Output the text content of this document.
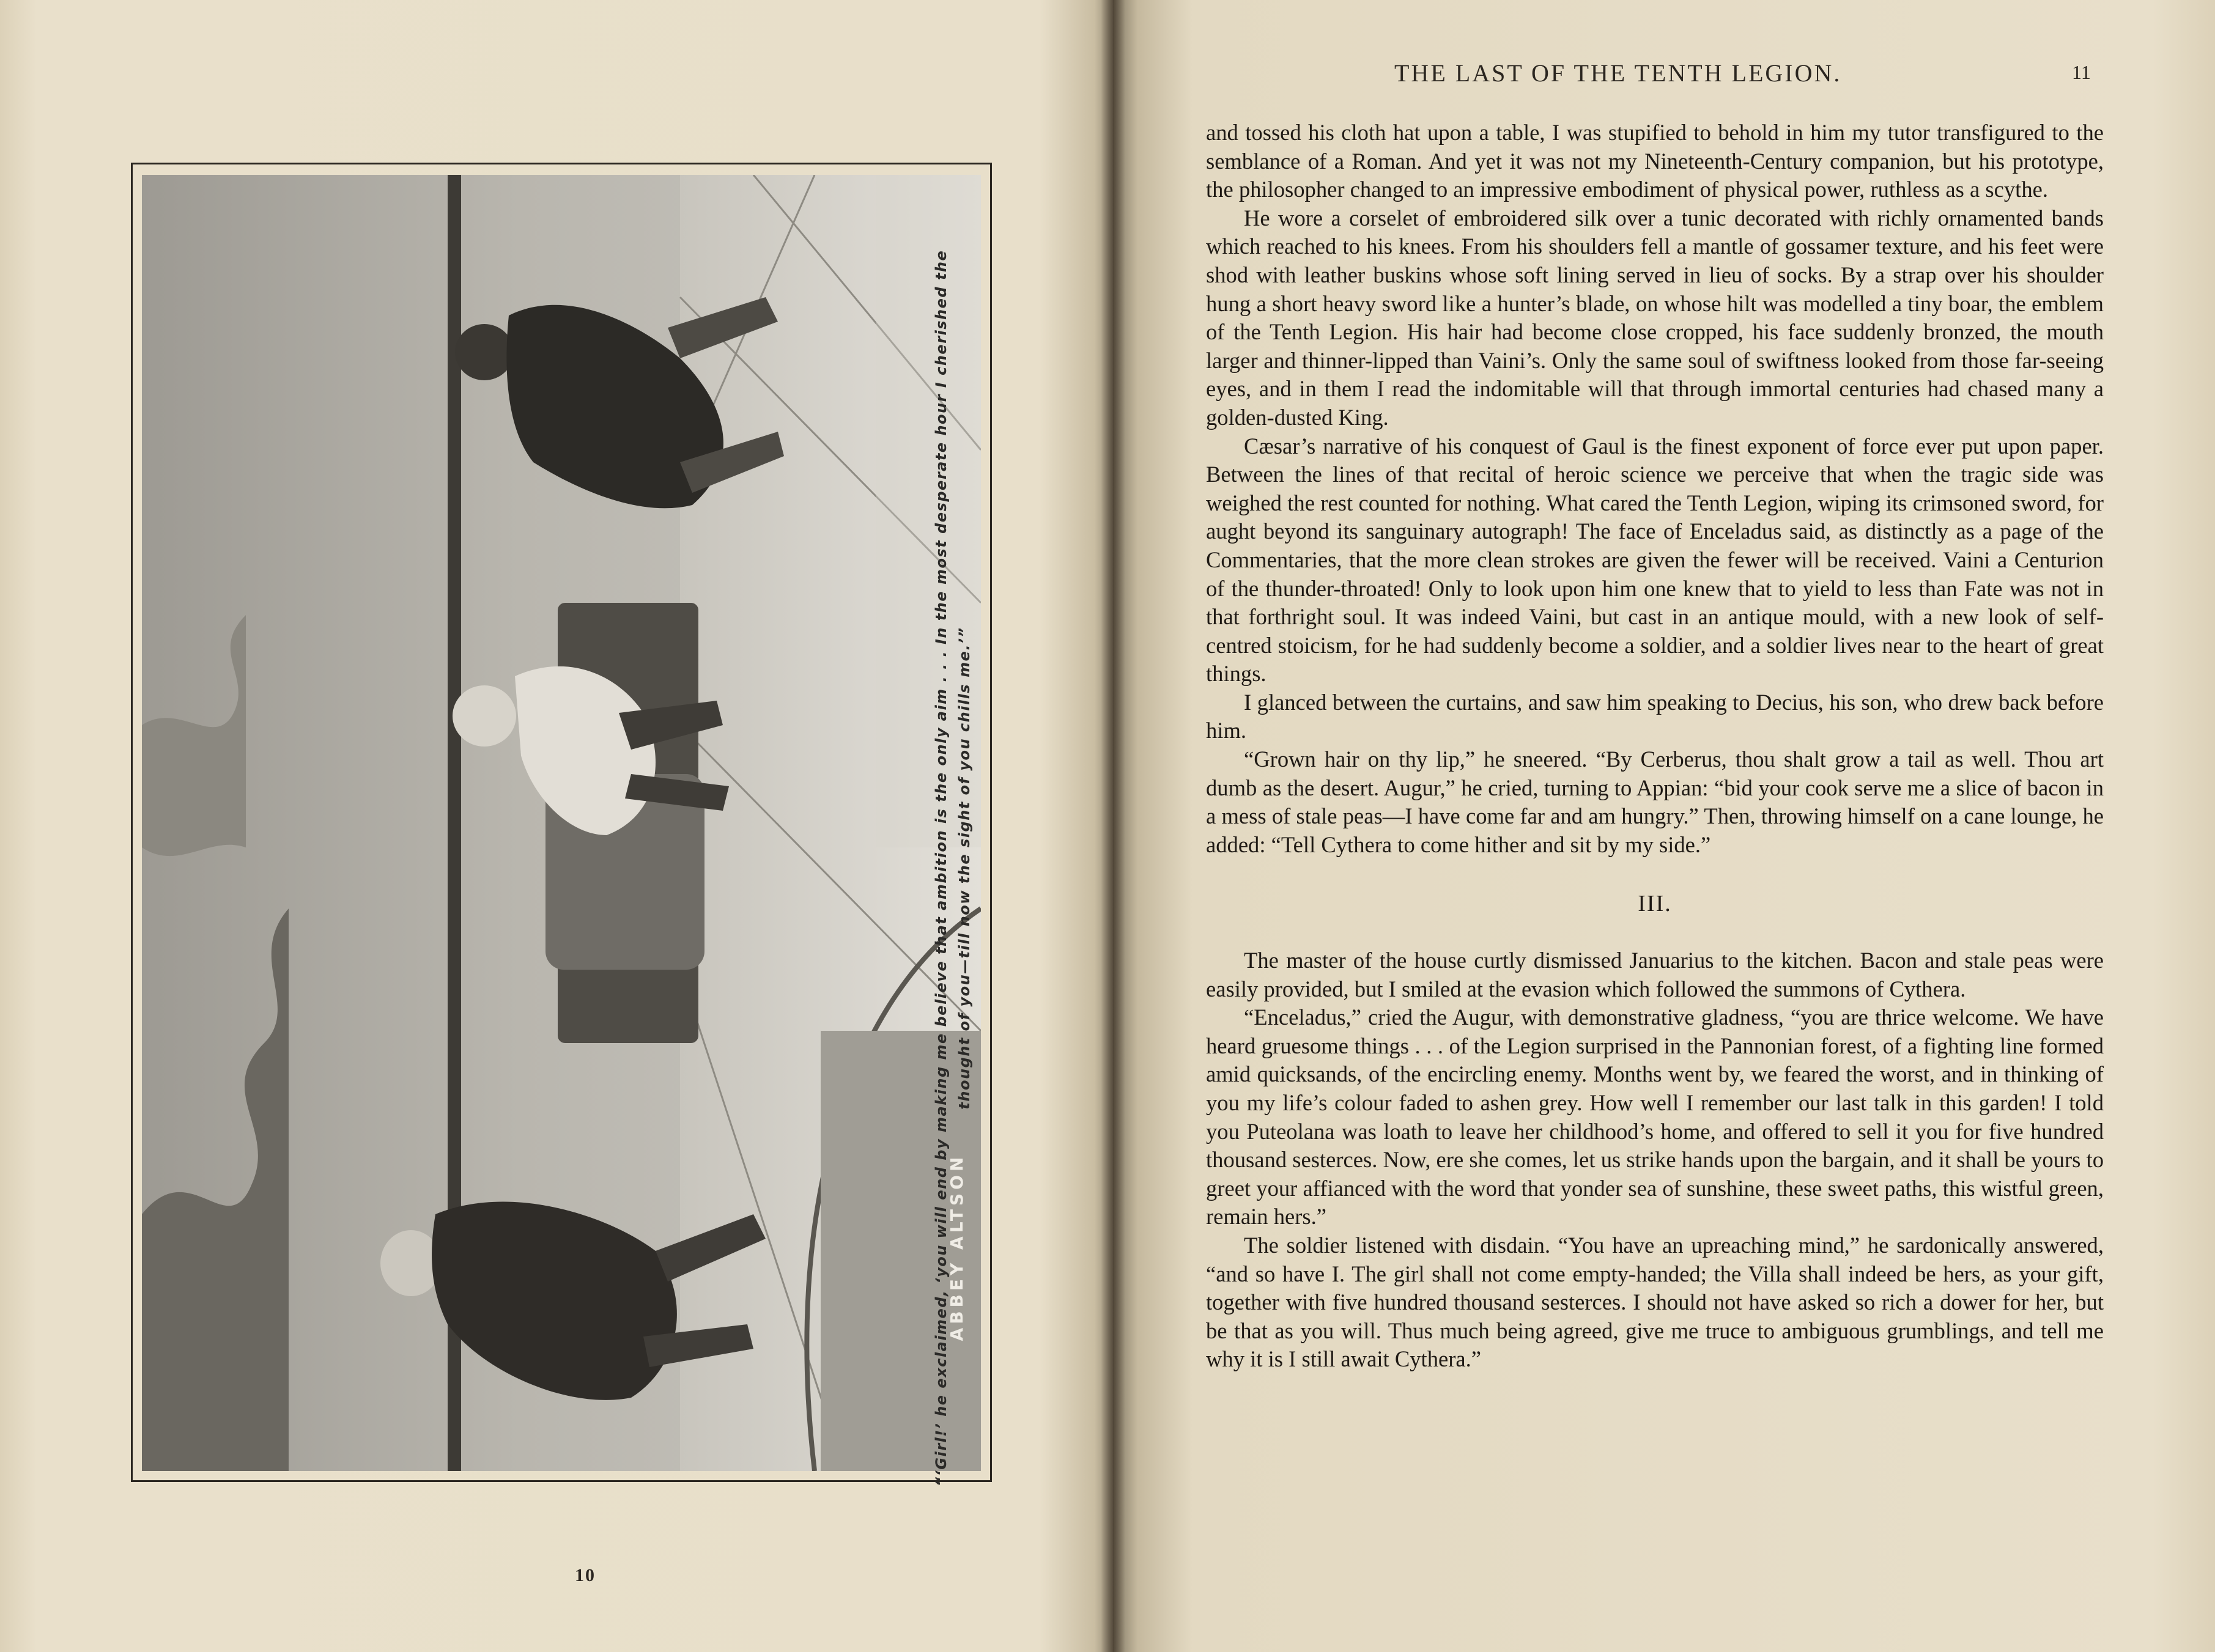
“‘Girl!’ he exclaimed, ‘you will end by making me believe that ambition is the only aim . . . In the most desperate hour I cherished the thought of you—till now the sight of you chills me.’”
ABBEY ALTSON
10
THE LAST OF THE TENTH LEGION.	11

and tossed his cloth hat upon a table, I was stupified to behold in him my tutor transfigured to the semblance of a Roman. And yet it was not my Nineteenth-Century companion, but his prototype, the philosopher changed to an impressive embodiment of physical power, ruthless as a scythe.

He wore a corselet of embroidered silk over a tunic decorated with richly ornamented bands which reached to his knees. From his shoulders fell a mantle of gossamer texture, and his feet were shod with leather buskins whose soft lining served in lieu of socks. By a strap over his shoulder hung a short heavy sword like a hunter’s blade, on whose hilt was modelled a tiny boar, the emblem of the Tenth Legion. His hair had become close cropped, his face suddenly bronzed, the mouth larger and thinner-lipped than Vaini’s. Only the same soul of swiftness looked from those far-seeing eyes, and in them I read the indomitable will that through immortal centuries had chased many a golden-dusted King.

Cæsar’s narrative of his conquest of Gaul is the finest exponent of force ever put upon paper. Between the lines of that recital of heroic science we perceive that when the tragic side was weighed the rest counted for nothing. What cared the Tenth Legion, wiping its crimsoned sword, for aught beyond its sanguinary autograph! The face of Enceladus said, as distinctly as a page of the Commentaries, that the more clean strokes are given the fewer will be received. Vaini a Centurion of the thunder-throated! Only to look upon him one knew that to yield to less than Fate was not in that forthright soul. It was indeed Vaini, but cast in an antique mould, with a new look of self-centred stoicism, for he had suddenly become a soldier, and a soldier lives near to the heart of great things.

I glanced between the curtains, and saw him speaking to Decius, his son, who drew back before him.

“Grown hair on thy lip,” he sneered. “By Cerberus, thou shalt grow a tail as well. Thou art dumb as the desert. Augur,” he cried, turning to Appian: “bid your cook serve me a slice of bacon in a mess of stale peas—I have come far and am hungry.” Then, throwing himself on a cane lounge, he added: “Tell Cythera to come hither and sit by my side.”

III.

The master of the house curtly dismissed Januarius to the kitchen. Bacon and stale peas were easily provided, but I smiled at the evasion which followed the summons of Cythera.

“Enceladus,” cried the Augur, with demonstrative gladness, “you are thrice welcome. We have heard gruesome things . . . of the Legion surprised in the Pannonian forest, of a fighting line formed amid quicksands, of the encircling enemy. Months went by, we feared the worst, and in thinking of you my life’s colour faded to ashen grey. How well I remember our last talk in this garden! I told you Puteolana was loath to leave her childhood’s home, and offered to sell it you for five hundred thousand sesterces. Now, ere she comes, let us strike hands upon the bargain, and it shall be yours to greet your affianced with the word that yonder sea of sunshine, these sweet paths, this wistful green, remain hers.”

The soldier listened with disdain. “You have an upreaching mind,” he sardonically answered, “and so have I. The girl shall not come empty-handed; the Villa shall indeed be hers, as your gift, together with five hundred thousand sesterces. I should not have asked so rich a dower for her, but be that as you will. Thus much being agreed, give me truce to ambiguous grumblings, and tell me why it is I still await Cythera.”
